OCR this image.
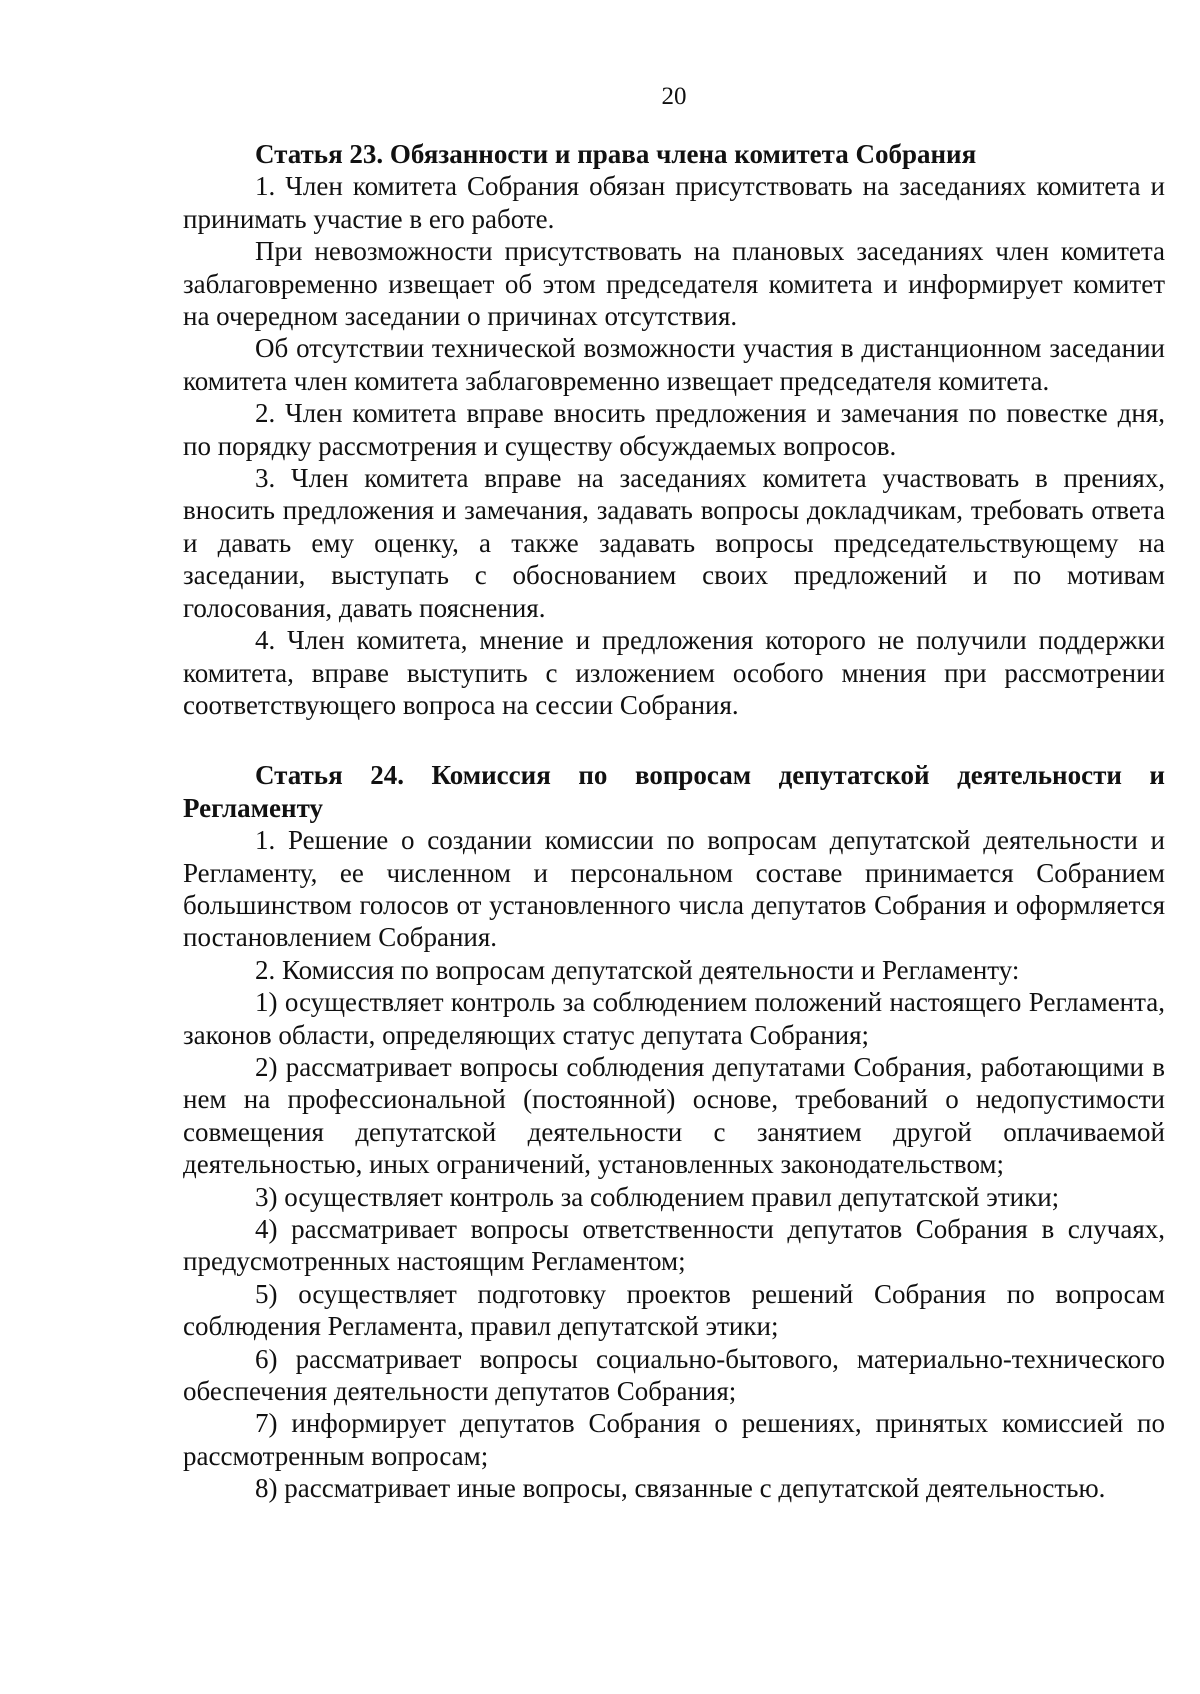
20

Статья 23. Обязанности и права члена комитета Собрания

1. Член комитета Собрания обязан присутствовать на заседаниях комитета и принимать участие в его работе.

При невозможности присутствовать на плановых заседаниях член комитета заблаговременно извещает об этом председателя комитета и информирует комитет на очередном заседании о причинах отсутствия.

Об отсутствии технической возможности участия в дистанционном заседании комитета член комитета заблаговременно извещает председателя комитета.

2. Член комитета вправе вносить предложения и замечания по повестке дня, по порядку рассмотрения и существу обсуждаемых вопросов.

3. Член комитета вправе на заседаниях комитета участвовать в прениях, вносить предложения и замечания, задавать вопросы докладчикам, требовать ответа и давать ему оценку, а также задавать вопросы председательствующему на заседании, выступать с обоснованием своих предложений и по мотивам голосования, давать пояснения.

4. Член комитета, мнение и предложения которого не получили поддержки комитета, вправе выступить с изложением особого мнения при рассмотрении соответствующего вопроса на сессии Собрания.

Статья 24. Комиссия по вопросам депутатской деятельности и Регламенту

1. Решение о создании комиссии по вопросам депутатской деятельности и Регламенту, ее численном и персональном составе принимается Собранием большинством голосов от установленного числа депутатов Собрания и оформляется постановлением Собрания.

2. Комиссия по вопросам депутатской деятельности и Регламенту:

1) осуществляет контроль за соблюдением положений настоящего Регламента, законов области, определяющих статус депутата Собрания;

2) рассматривает вопросы соблюдения депутатами Собрания, работающими в нем на профессиональной (постоянной) основе, требований о недопустимости совмещения депутатской деятельности с занятием другой оплачиваемой деятельностью, иных ограничений, установленных законодательством;

3) осуществляет контроль за соблюдением правил депутатской этики;

4) рассматривает вопросы ответственности депутатов Собрания в случаях, предусмотренных настоящим Регламентом;

5) осуществляет подготовку проектов решений Собрания по вопросам соблюдения Регламента, правил депутатской этики;

6) рассматривает вопросы социально-бытового, материально-технического обеспечения деятельности депутатов Собрания;

7) информирует депутатов Собрания о решениях, принятых комиссией по рассмотренным вопросам;

8) рассматривает иные вопросы, связанные с депутатской деятельностью.
